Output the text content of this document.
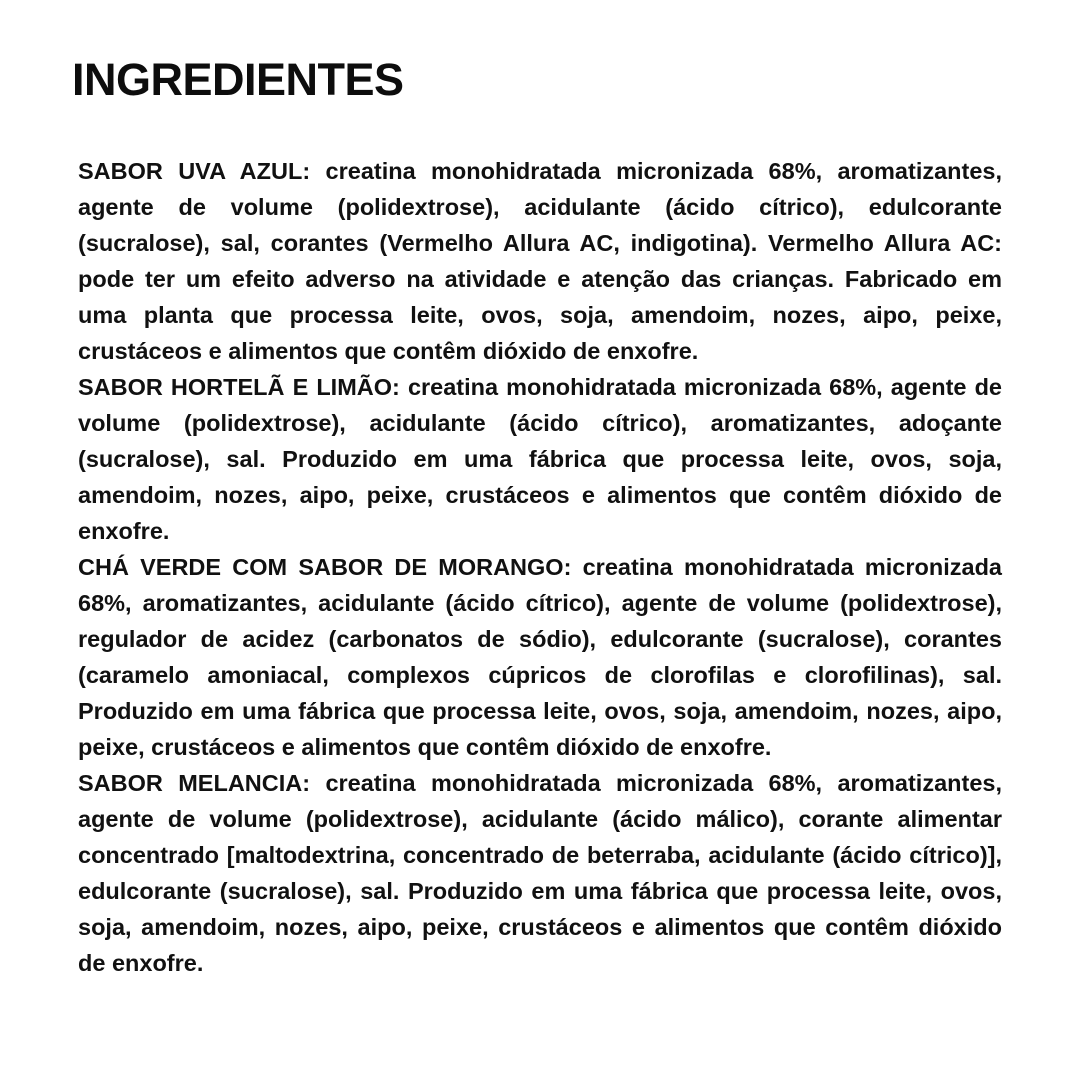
INGREDIENTES

SABOR UVA AZUL: creatina monohidratada micronizada 68%, aromatizantes, agente de volume (polidextrose), acidulante (ácido cítrico), edulcorante (sucralose), sal, corantes (Vermelho Allura AC, indigotina). Vermelho Allura AC: pode ter um efeito adverso na atividade e atenção das crianças. Fabricado em uma planta que processa leite, ovos, soja, amendoim, nozes, aipo, peixe, crustáceos e alimentos que contêm dióxido de enxofre.

SABOR HORTELÃ E LIMÃO: creatina monohidratada micronizada 68%, agente de volume (polidextrose), acidulante (ácido cítrico), aromatizantes, adoçante (sucralose), sal. Produzido em uma fábrica que processa leite, ovos, soja, amendoim, nozes, aipo, peixe, crustáceos e alimentos que contêm dióxido de enxofre.

CHÁ VERDE COM SABOR DE MORANGO: creatina monohidratada micronizada 68%, aromatizantes, acidulante (ácido cítrico), agente de volume (polidextrose), regulador de acidez (carbonatos de sódio), edulcorante (sucralose), corantes (caramelo amoniacal, complexos cúpricos de clorofilas e clorofilinas), sal. Produzido em uma fábrica que processa leite, ovos, soja, amendoim, nozes, aipo, peixe, crustáceos e alimentos que contêm dióxido de enxofre.

SABOR MELANCIA: creatina monohidratada micronizada 68%, aromatizantes, agente de volume (polidextrose), acidulante (ácido málico), corante alimentar concentrado [maltodextrina, concentrado de beterraba, acidulante (ácido cítrico)], edulcorante (sucralose), sal. Produzido em uma fábrica que processa leite, ovos, soja, amendoim, nozes, aipo, peixe, crustáceos e alimentos que contêm dióxido de enxofre.
